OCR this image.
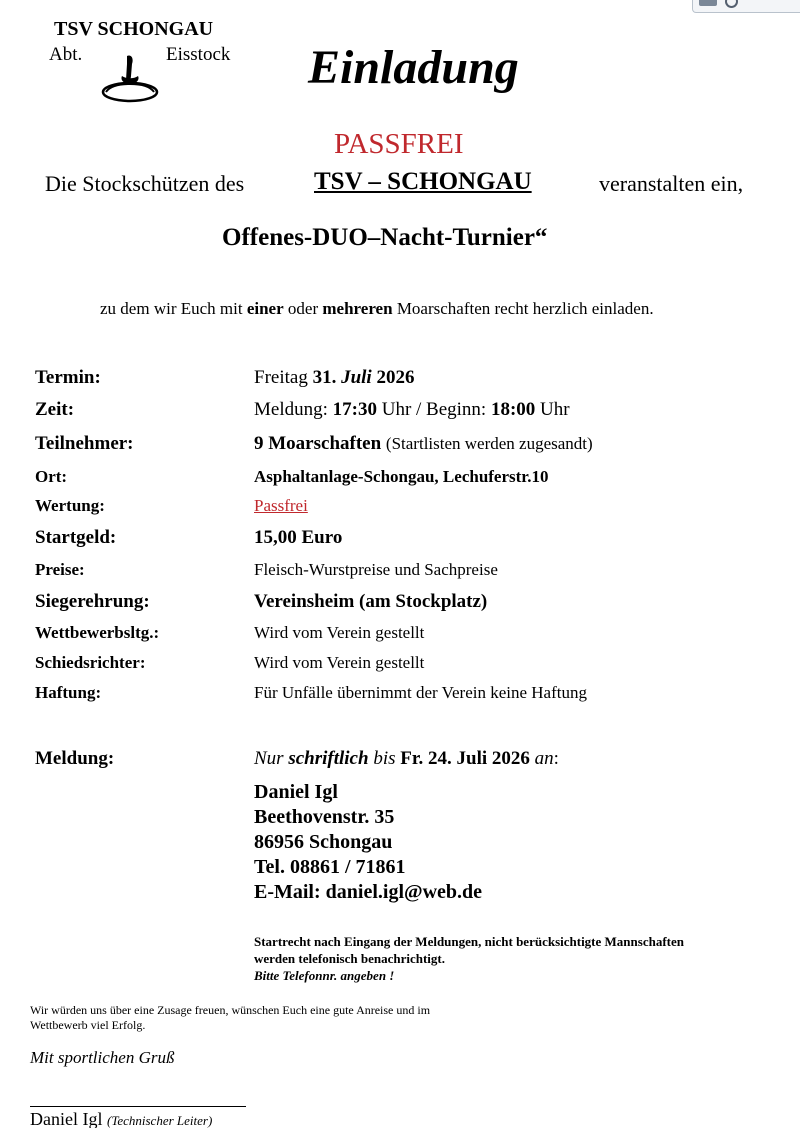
TSV SCHONGAU
Abt.	Eisstock Einladung
PASSFREI
Die Stockschützen des	TSV – SCHONGAU	veranstalten ein,
Offenes-DUO–Nacht-Turnier“
zu dem wir Euch mit einer oder mehreren Moarschaften recht herzlich einladen.
Termin:	Freitag 31. Juli 2026
Zeit:	Meldung: 17:30 Uhr / Beginn: 18:00 Uhr
Teilnehmer:	9 Moarschaften (Startlisten werden zugesandt)
Ort:	Asphaltanlage-Schongau, Lechuferstr.10
Wertung:	Passfrei
Startgeld:	15,00 Euro
Preise:	Fleisch-Wurstpreise und Sachpreise
Siegerehrung:	Vereinsheim (am Stockplatz)
Wettbewerbsltg.:	Wird vom Verein gestellt
Schiedsrichter:	Wird vom Verein gestellt
Haftung:	Für Unfälle übernimmt der Verein keine Haftung
Meldung:	Nur schriftlich bis Fr. 24. Juli 2026 an:
Daniel Igl
Beethovenstr. 35
86956 Schongau
Tel. 08861 / 71861
E-Mail: daniel.igl@web.de
Startrecht nach Eingang der Meldungen, nicht berücksichtigte Mannschaften
werden telefonisch benachrichtigt.
Bitte Telefonnr. angeben !
Wir würden uns über eine Zusage freuen, wünschen Euch eine gute Anreise und im
Wettbewerb viel Erfolg.
Mit sportlichen Gruß
Daniel Igl (Technischer Leiter)
